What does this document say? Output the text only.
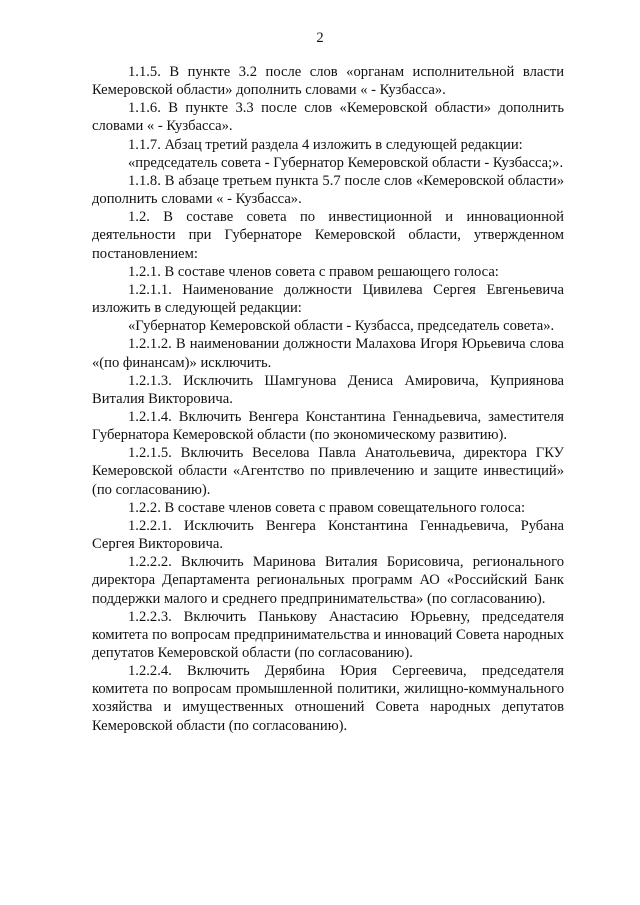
2

1.1.5. В пункте 3.2 после слов «органам исполнительной власти Кемеровской области» дополнить словами « - Кузбасса».

1.1.6. В пункте 3.3 после слов «Кемеровской области» дополнить словами « - Кузбасса».

1.1.7. Абзац третий раздела 4 изложить в следующей редакции:

«председатель совета - Губернатор Кемеровской области - Кузбасса;».

1.1.8. В абзаце третьем пункта 5.7 после слов «Кемеровской области» дополнить словами « - Кузбасса».

1.2. В составе совета по инвестиционной и инновационной деятельности при Губернаторе Кемеровской области, утвержденном постановлением:

1.2.1. В составе членов совета с правом решающего голоса:

1.2.1.1. Наименование должности Цивилева Сергея Евгеньевича изложить в следующей редакции:

«Губернатор Кемеровской области - Кузбасса, председатель совета».

1.2.1.2. В наименовании должности Малахова Игоря Юрьевича слова «(по финансам)» исключить.

1.2.1.3. Исключить Шамгунова Дениса Амировича, Куприянова Виталия Викторовича.

1.2.1.4. Включить Венгера Константина Геннадьевича, заместителя Губернатора Кемеровской области (по экономическому развитию).

1.2.1.5. Включить Веселова Павла Анатольевича, директора ГКУ Кемеровской области «Агентство по привлечению и защите инвестиций» (по согласованию).

1.2.2. В составе членов совета с правом совещательного голоса:

1.2.2.1. Исключить Венгера Константина Геннадьевича, Рубана Сергея Викторовича.

1.2.2.2. Включить Маринова Виталия Борисовича, регионального директора Департамента региональных программ АО «Российский Банк поддержки малого и среднего предпринимательства» (по согласованию).

1.2.2.3. Включить Панькову Анастасию Юрьевну, председателя комитета по вопросам предпринимательства и инноваций Совета народных депутатов Кемеровской области (по согласованию).

1.2.2.4. Включить Дерябина Юрия Сергеевича, председателя комитета по вопросам промышленной политики, жилищно-коммунального хозяйства и имущественных отношений Совета народных депутатов Кемеровской области (по согласованию).
